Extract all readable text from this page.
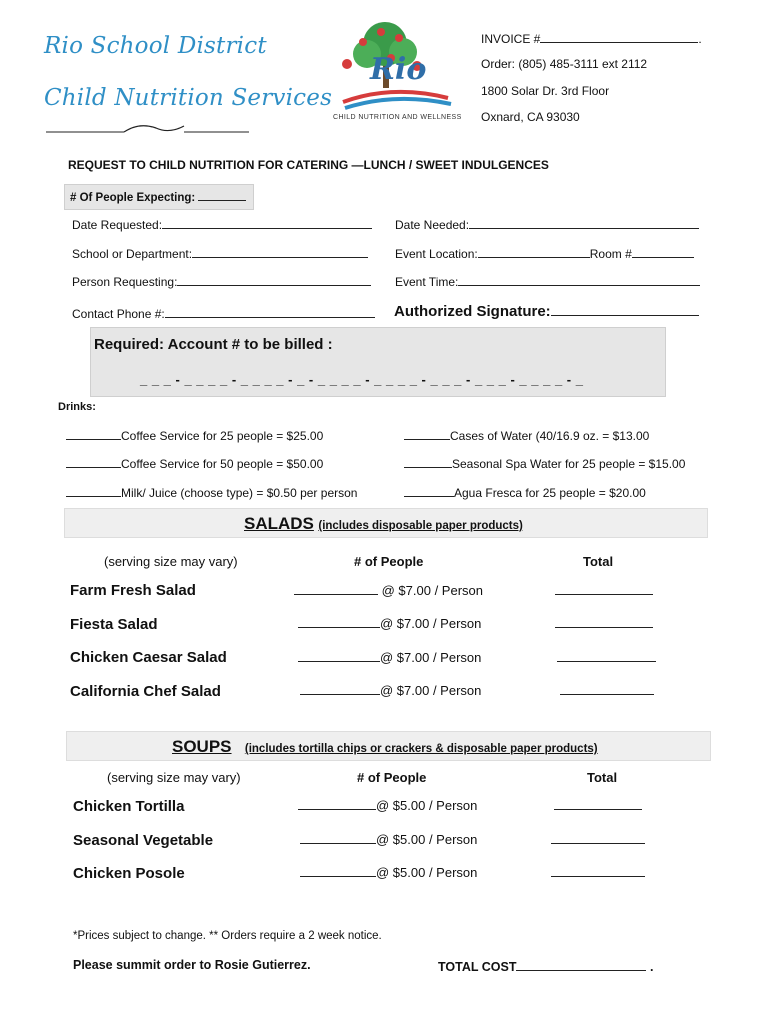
Rio School District
Child Nutrition Services
Rio
CHILD NUTRITION AND WELLNESS
INVOICE #	.
Order: (805) 485-3111 ext 2112
1800 Solar Dr. 3rd Floor
Oxnard, CA 93030
REQUEST TO CHILD NUTRITION FOR CATERING —LUNCH / SWEET INDULGENCES
# Of People Expecting:
Date Requested:	Date Needed:
School or Department:	Event Location:	Room #
Person Requesting:	Event Time:
Contact Phone #:	Authorized Signature:
Required: Account # to be billed :
_ _ _ - _ _ _ _ - _ _ _ _ - _ - _ _ _ _ - _ _ _ _ - _ _ _ - _ _ _ - _ _ _ _ - _
Drinks:
Coffee Service for 25 people = $25.00
Coffee Service for 50 people = $50.00
Milk/ Juice (choose type) = $0.50 per person
Cases of Water (40/16.9 oz. = $13.00
Seasonal Spa Water for 25 people = $15.00
Agua Fresca for 25 people = $20.00
SALADS (includes disposable paper products)
(serving size may vary)	# of People	Total
Farm Fresh Salad	@ $7.00 / Person
Fiesta Salad	@ $7.00 / Person
Chicken Caesar Salad	@ $7.00 / Person
California Chef Salad	@ $7.00 / Person
SOUPS (includes tortilla chips or crackers & disposable paper products)
(serving size may vary)	# of People	Total
Chicken Tortilla	@ $5.00 / Person
Seasonal Vegetable	@ $5.00 / Person
Chicken Posole	@ $5.00 / Person
*Prices subject to change. ** Orders require a 2 week notice.
Please summit order to Rosie Gutierrez.	TOTAL COST	.
